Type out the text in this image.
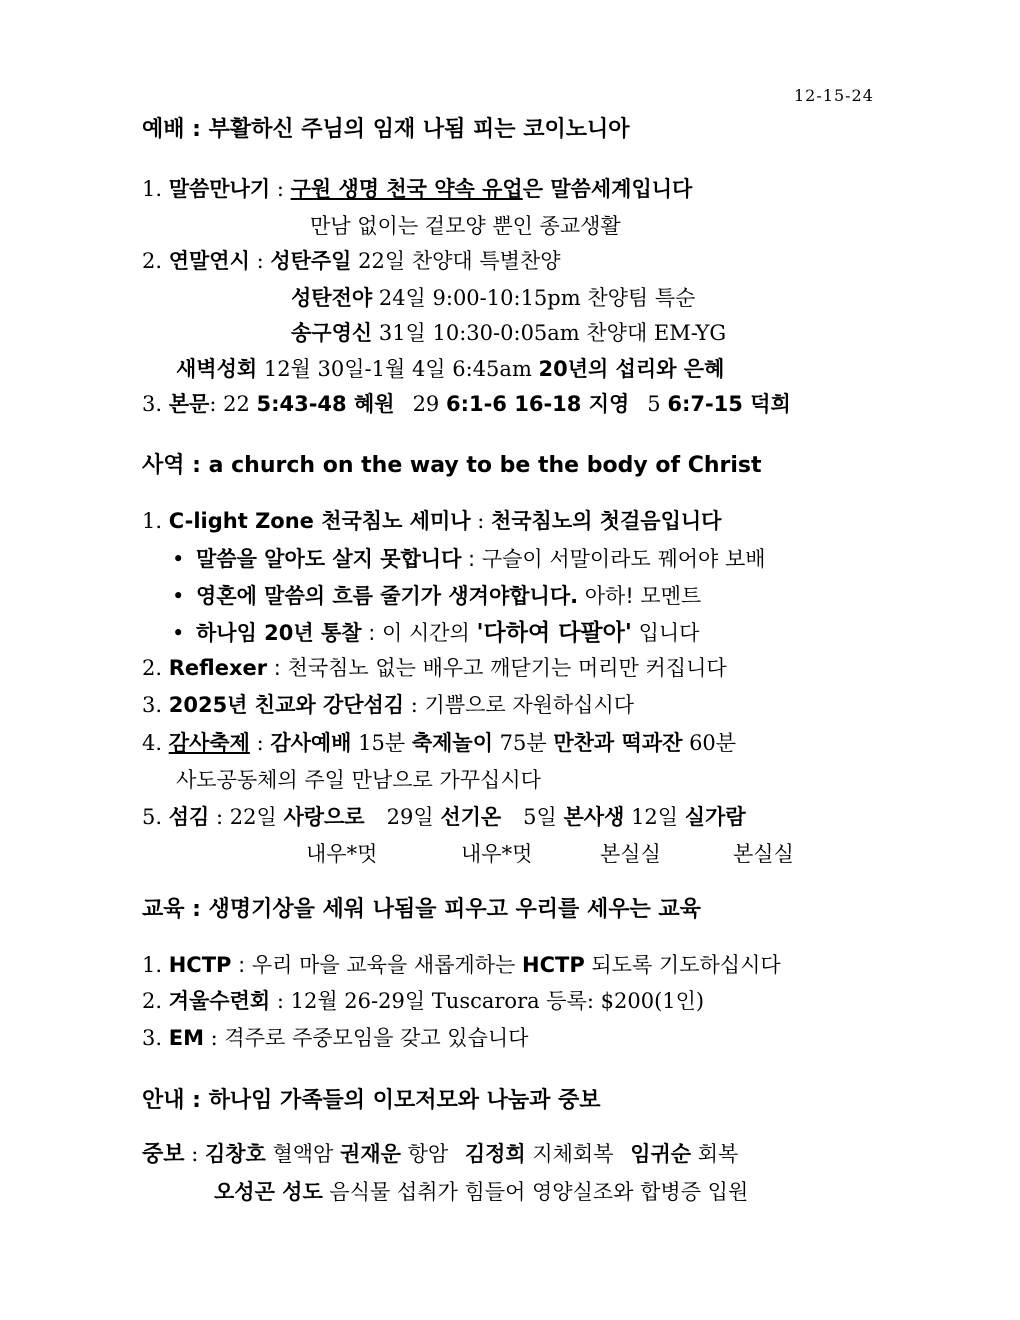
12-15-24
예배 : 부활하신 주님의 임재 나됨 피는 코이노니아
1. 말씀만나기 : 구원 생명 천국 약속 유업은 말씀세계입니다
만남 없이는 겉모양 뿐인 종교생활
2. 연말연시 : 성탄주일 22일 찬양대 특별찬양
성탄전야 24일 9:00-10:15pm 찬양팀 특순
송구영신 31일 10:30-0:05am 찬양대 EM-YG
새벽성회 12월 30일-1월 4일 6:45am 20년의 섭리와 은혜
3. 본문: 22 5:43-48 혜원 29 6:1-6 16-18 지영 5 6:7-15 덕희
사역 : a church on the way to be the body of Christ
1. C-light Zone 천국침노 세미나 : 천국침노의 첫걸음입니다
• 말씀을 알아도 살지 못합니다 : 구슬이 서말이라도 꿰어야 보배
• 영혼에 말씀의 흐름 줄기가 생겨야합니다. 아하! 모멘트
• 하나임 20년 통찰 : 이 시간의 '다하여 다팔아' 입니다
2. Reflexer : 천국침노 없는 배우고 깨닫기는 머리만 커집니다
3. 2025년 친교와 강단섬김 : 기쁨으로 자원하십시다
4. 감사축제 : 감사예배 15분 축제놀이 75분 만찬과 떡과잔 60분
사도공동체의 주일 만남으로 가꾸십시다
5. 섬김 : 22일 사랑으로 29일 선기온 5일 본사생 12일 실가람
내우*멋	내우*멋	본실실	본실실
교육 : 생명기상을 세워 나됨을 피우고 우리를 세우는 교육
1. HCTP : 우리 마을 교육을 새롭게하는 HCTP 되도록 기도하십시다
2. 겨울수련회 : 12월 26-29일 Tuscarora 등록: $200(1인)
3. EM : 격주로 주중모임을 갖고 있습니다
안내 : 하나임 가족들의 이모저모와 나눔과 중보
중보 : 김창호 혈액암 권재운 항암 김정희 지체회복 임귀순 회복
오성곤 성도 음식물 섭취가 힘들어 영양실조와 합병증 입원
